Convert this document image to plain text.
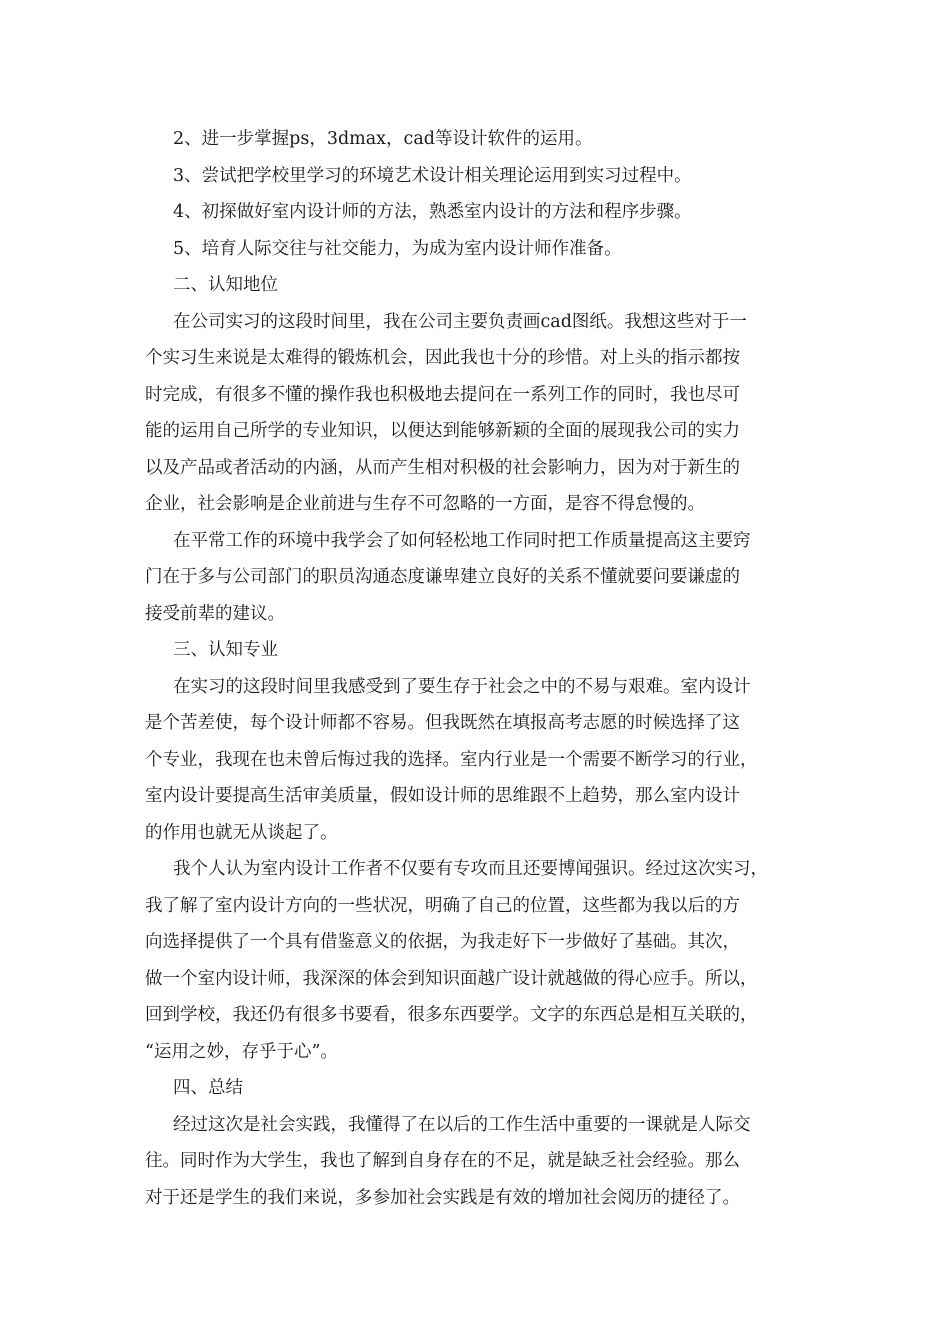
2、进一步掌握ps，3dmax，cad等设计软件的运用。
3、尝试把学校里学习的环境艺术设计相关理论运用到实习过程中。
4、初探做好室内设计师的方法，熟悉室内设计的方法和程序步骤。
5、培育人际交往与社交能力，为成为室内设计师作准备。
二、认知地位
在公司实习的这段时间里，我在公司主要负责画cad图纸。我想这些对于一
个实习生来说是太难得的锻炼机会，因此我也十分的珍惜。对上头的指示都按
时完成，有很多不懂的操作我也积极地去提问在一系列工作的同时，我也尽可
能的运用自己所学的专业知识，以便达到能够新颖的全面的展现我公司的实力
以及产品或者活动的内涵，从而产生相对积极的社会影响力，因为对于新生的
企业，社会影响是企业前进与生存不可忽略的一方面，是容不得怠慢的。
在平常工作的环境中我学会了如何轻松地工作同时把工作质量提高这主要窍
门在于多与公司部门的职员沟通态度谦卑建立良好的关系不懂就要问要谦虚的
接受前辈的建议。
三、认知专业
在实习的这段时间里我感受到了要生存于社会之中的不易与艰难。室内设计
是个苦差使，每个设计师都不容易。但我既然在填报高考志愿的时候选择了这
个专业，我现在也未曾后悔过我的选择。室内行业是一个需要不断学习的行业，
室内设计要提高生活审美质量，假如设计师的思维跟不上趋势，那么室内设计
的作用也就无从谈起了。
我个人认为室内设计工作者不仅要有专攻而且还要博闻强识。经过这次实习，
我了解了室内设计方向的一些状况，明确了自己的位置，这些都为我以后的方
向选择提供了一个具有借鉴意义的依据，为我走好下一步做好了基础。其次，
做一个室内设计师，我深深的体会到知识面越广设计就越做的得心应手。所以，
回到学校，我还仍有很多书要看，很多东西要学。文字的东西总是相互关联的，
“运用之妙，存乎于心”。
四、总结
经过这次是社会实践，我懂得了在以后的工作生活中重要的一课就是人际交
往。同时作为大学生，我也了解到自身存在的不足，就是缺乏社会经验。那么
对于还是学生的我们来说，多参加社会实践是有效的增加社会阅历的捷径了。
